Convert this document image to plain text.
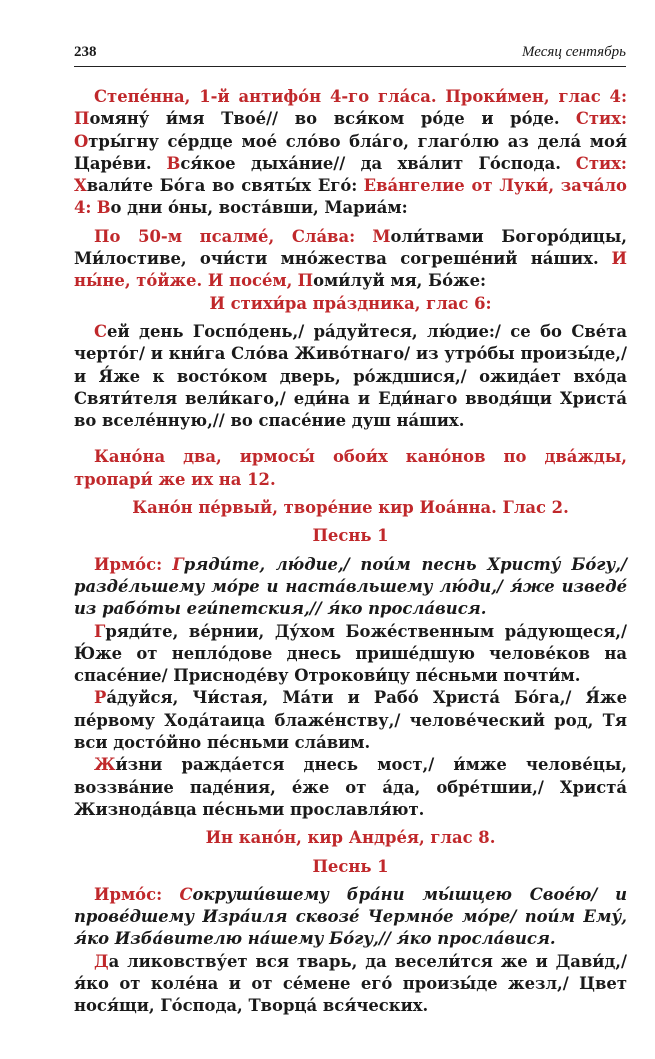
238	Месяц сентябрь

Степе́нна, 1-й антифо́н 4-го гла́са. Проки́мен, глас 4: Помяну́ и́мя Твое́// во вся́ком ро́де и ро́де. Стих: Отры́гну се́рдце мое́ сло́во бла́го, глаго́лю аз дела́ моя́ Царе́ви. Вся́кое дыха́ние// да хва́лит Го́спода. Стих: Хвали́те Бо́га во святы́х Его́: Ева́нгелие от Луки́, зача́ло 4: Во дни о́ны, воста́вши, Мариа́м:

По 50-м псалме́, Сла́ва: Моли́твами Богоро́дицы, Ми́лостиве, очи́сти мно́жества согреше́ний на́ших. И ны́не, то́йже. И посе́м, Поми́луй мя, Бо́же:

И стихи́ра пра́здника, глас 6:

Сей день Госпо́день,/ ра́дуйтеся, лю́дие:/ се бо Све́та черто́г/ и кни́га Сло́ва Живо́тнаго/ из утро́бы произы́де,/ и Я́же к восто́ком дверь, ро́ждшися,/ ожида́ет вхо́да Святи́теля вели́каго,/ еди́на и Еди́наго вводя́щи Христа́ во вселе́нную,// во спасе́ние душ на́ших.

Кано́на два, ирмосы́ обои́х кано́нов по два́жды, тропари́ же их на 12.

Кано́н пе́рвый, творе́ние кир Иоа́нна. Глас 2.

Песнь 1

Ирмо́с: Гряди́те, лю́дие,/ пои́м песнь Христу́ Бо́гу,/ разде́льшему мо́ре и наста́вльшему лю́ди,/ я́же изведе́ из рабо́ты еги́петския,// я́ко просла́вися.

Гряди́те, ве́рнии, Ду́хом Боже́ственным ра́дующеся,/ Ю́же от непло́дове днесь прише́дшую челове́ков на спасе́ние/ Присноде́ву Отрокови́цу пе́сньми почти́м.

Ра́дуйся, Чи́стая, Ма́ти и Рабо́ Христа́ Бо́га,/ Я́же пе́рвому Хода́таица блаже́нству,/ челове́ческий род, Тя вси досто́йно пе́сньми сла́вим.

Жи́зни ражда́ется днесь мост,/ и́мже челове́цы, воззва́ние паде́ния, е́же от а́да, обре́тшии,/ Христа́ Жизнода́вца пе́сньми прославля́ют.

Ин кано́н, кир Андре́я, глас 8.

Песнь 1

Ирмо́с: Сокруши́вшему бра́ни мы́шцею Свое́ю/ и прове́дшему Изра́иля сквозе́ Чермно́е мо́ре/ пои́м Ему́, я́ко Изба́вителю на́шему Бо́гу,// я́ко просла́вися.

Да ликовству́ет вся тварь, да весели́тся же и Дави́д,/ я́ко от коле́на и от се́мене его́ произы́де жезл,/ Цвет нося́щи, Го́спода, Творца́ вся́ческих.
